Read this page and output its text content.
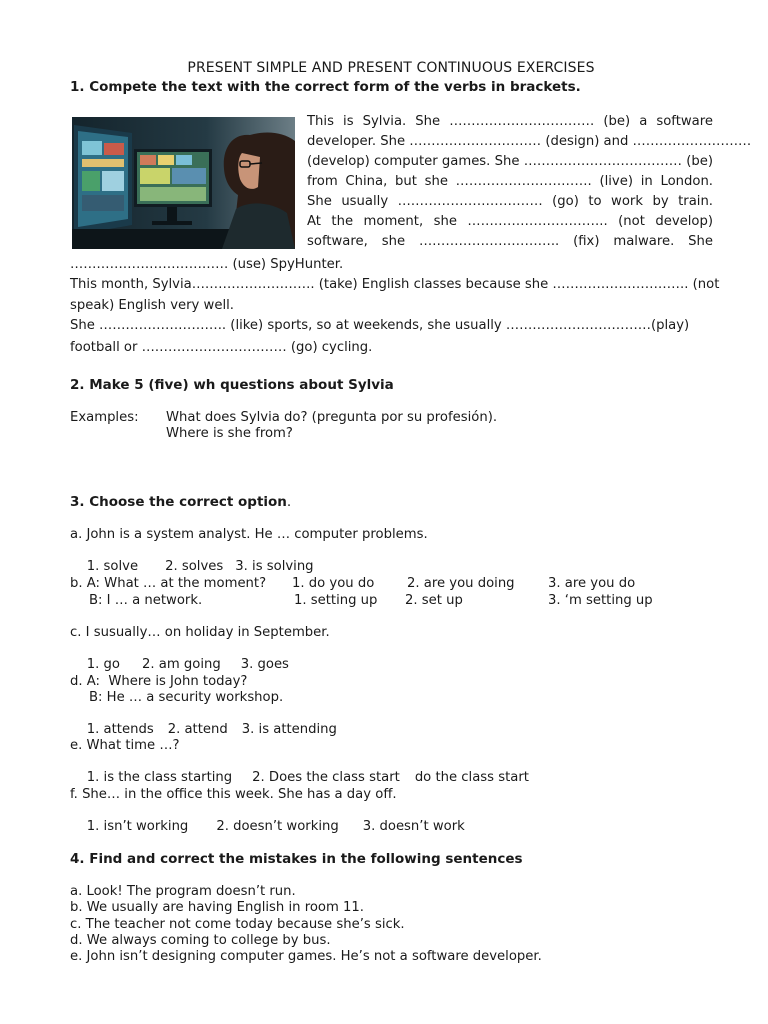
PRESENT SIMPLE AND PRESENT CONTINUOUS EXERCISES
1. Compete the text with the correct form of the verbs in brackets.
This is Sylvia. She …………………………… (be) a software
developer. She ………………………… (design) and ………………………
(develop) computer games. She ……………………………… (be)
from China, but she …………………………. (live) in London.
She usually …………………………… (go) to work by train.
At the moment, she ………………………….. (not develop)
software, she ………………………….. (fix) malware. She
……………………………… (use) SpyHunter.
This month, Sylvia………………………. (take) English classes because she …………………………. (not
speak) English very well.
She ……………………….. (like) sports, so at weekends, she usually ……………………………(play)
football or …………………………… (go) cycling.
2. Make 5 (five) wh questions about Sylvia
Examples: What does Sylvia do? (pregunta por su profesión).
Where is she from?
3. Choose the correct option.
a. John is a system analyst. He … computer problems.

1. solve 2. solves 3. is solving

b. A: What … at the moment? 1. do you do 2. are you doing	3. are you do
B: I … a network.	1. setting up 2. set up	3. ‘m setting up
c. I susually… on holiday in September.

1. go 2. am going 3. goes

d. A:  Where is John today?
B: He … a security workshop.

1. attends 2. attend 3. is attending

e. What time …?

1. is the class starting 2. Does the class start do the class start

f. She… in the office this week. She has a day off.

1. isn’t working 2. doesn’t working 3. doesn’t work

4. Find and correct the mistakes in the following sentences
a. Look! The program doesn’t run.
b. We usually are having English in room 11.
c. The teacher not come today because she’s sick.
d. We always coming to college by bus.
e. John isn’t designing computer games. He’s not a software developer.
